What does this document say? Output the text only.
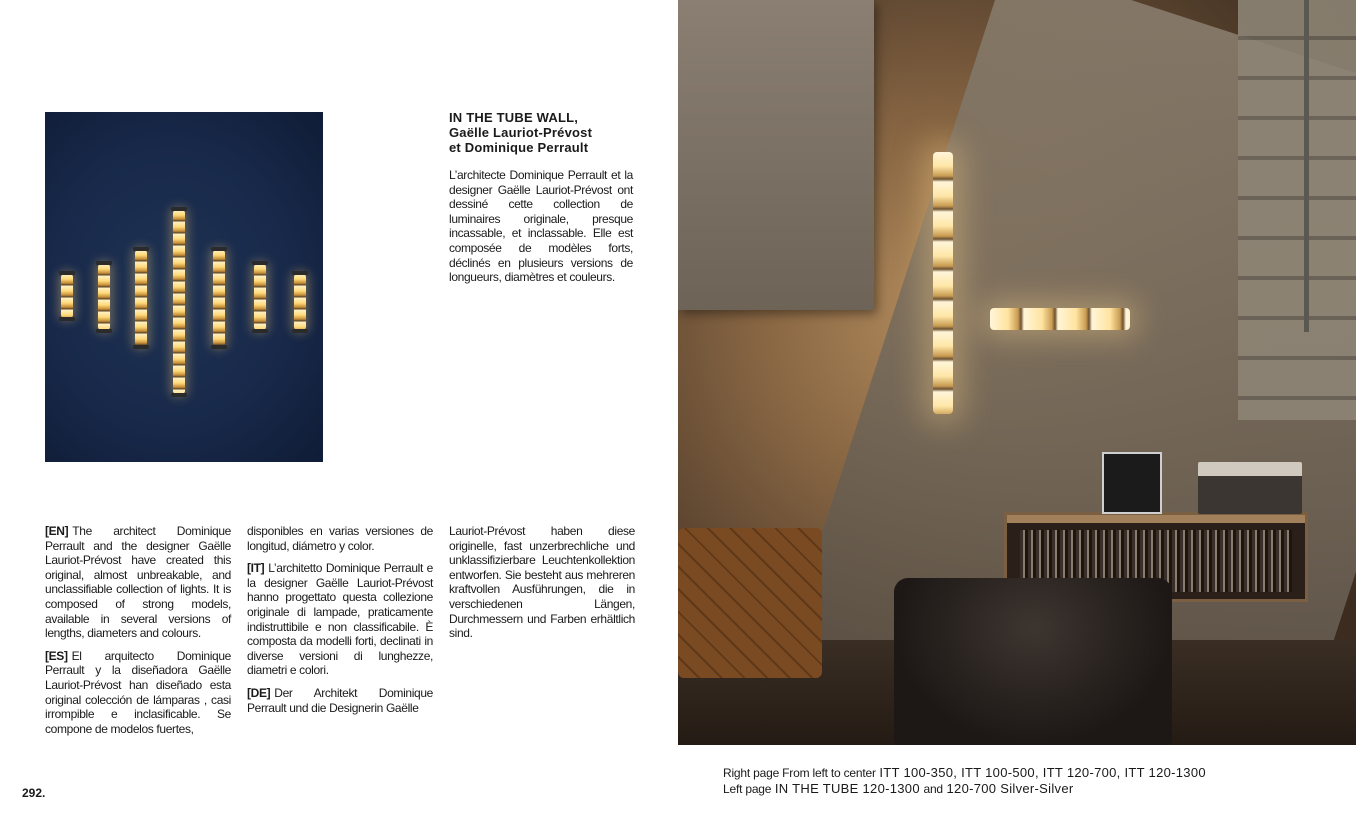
IN THE TUBE WALL,
Gaëlle Lauriot-Prévost
et Dominique Perrault
L’architecte Dominique Perrault et la designer Gaëlle Lauriot-Prévost ont dessiné cette collection de luminaires originale, presque incassable, et inclassable. Elle est composée de modèles forts, déclinés en plusieurs versions de longueurs, diamètres et couleurs.

[EN] The architect Dominique Perrault and the designer Gaëlle Lauriot-Prévost have created this original, almost unbreakable, and unclassifiable collection of lights. It is composed of strong models, available in several versions of lengths, diameters and colours.

[ES] El arquitecto Dominique Perrault y la diseñadora Gaëlle Lauriot-Prévost han diseñado esta original colección de lámparas , casi irrompible e inclasificable. Se compone de modelos fuertes,

disponibles en varias versiones de longitud, diámetro y color.

[IT] L’architetto Dominique Perrault e la designer Gaëlle Lauriot-Prévost hanno progettato questa collezione originale di lampade, praticamente indistruttibile e non classificabile. È composta da modelli forti, declinati in diverse versioni di lunghezze, diametri e colori.

[DE] Der Architekt Dominique Perrault und die Designerin Gaëlle

Lauriot-Prévost haben diese originelle, fast unzerbrechliche und unklassifizierbare Leuchtenkollektion entworfen. Sie besteht aus mehreren kraftvollen Ausführungen, die in verschiedenen Längen, Durchmessern und Farben erhältlich sind.

292.
Right page From left to center ITT 100-350, ITT 100-500, ITT 120-700, ITT 120-1300
Left page IN THE TUBE 120-1300 and 120-700 Silver-Silver
